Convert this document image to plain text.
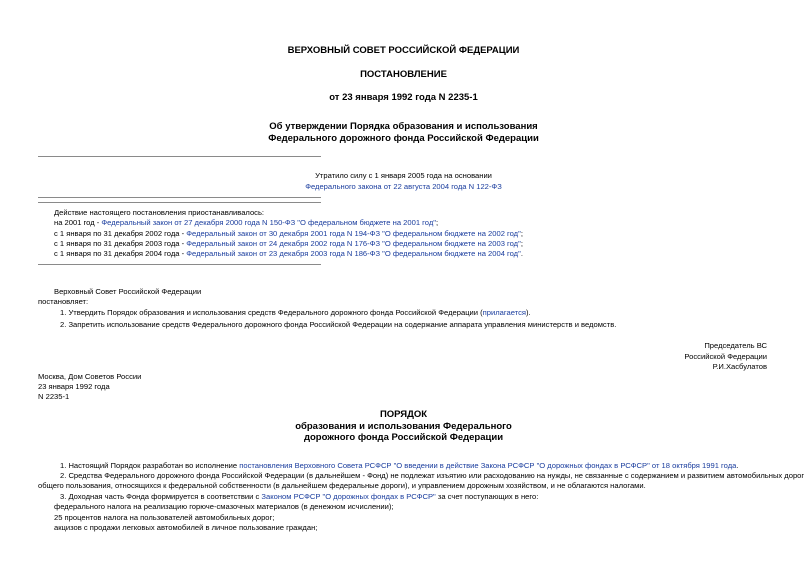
ВЕРХОВНЫЙ СОВЕТ РОССИЙСКОЙ ФЕДЕРАЦИИ
ПОСТАНОВЛЕНИЕ
от 23 января 1992 года N 2235-1
Об утверждении Порядка образования и использования
Федерального дорожного фонда Российской Федерации
Утратило силу с 1 января 2005 года на основании
Федерального закона от 22 августа 2004 года N 122-ФЗ
Действие настоящего постановления приостанавливалось:
на 2001 год - Федеральный закон от 27 декабря 2000 года N 150-ФЗ "О федеральном бюджете на 2001 год";
с 1 января по 31 декабря 2002 года - Федеральный закон от 30 декабря 2001 года N 194-ФЗ "О федеральном бюджете на 2002 год";
с 1 января по 31 декабря 2003 года - Федеральный закон от 24 декабря 2002 года N 176-ФЗ "О федеральном бюджете на 2003 год";
с 1 января по 31 декабря 2004 года - Федеральный закон от 23 декабря 2003 года N 186-ФЗ "О федеральном бюджете на 2004 год".
Верховный Совет Российской Федерации
постановляет:
1. Утвердить Порядок образования и использования средств Федерального дорожного фонда Российской Федерации (прилагается).
2. Запретить использование средств Федерального дорожного фонда Российской Федерации на содержание аппарата управления министерств и ведомств.
Председатель ВС
Российской Федерации
Р.И.Хасбулатов
Москва, Дом Советов России
23 января 1992 года
N 2235-1
ПОРЯДОК
образования и использования Федерального
дорожного фонда Российской Федерации
1. Настоящий Порядок разработан во исполнение постановления Верховного Совета РСФСР "О введении в действие Закона РСФСР "О дорожных фондах в РСФСР" от 18 октября 1991 года.
2. Средства Федерального дорожного фонда Российской Федерации (в дальнейшем - Фонд) не подлежат изъятию или расходованию на нужды, не связанные с содержанием и развитием автомобильных дорог
общего пользования, относящихся к федеральной собственности (в дальнейшем федеральные дороги), и управлением дорожным хозяйством, и не облагаются налогами.
3. Доходная часть Фонда формируется в соответствии с Законом РСФСР "О дорожных фондах в РСФСР" за счет поступающих в него:
федерального налога на реализацию горюче-смазочных материалов (в денежном исчислении);
25 процентов налога на пользователей автомобильных дорог;
акцизов с продажи легковых автомобилей в личное пользование граждан;
